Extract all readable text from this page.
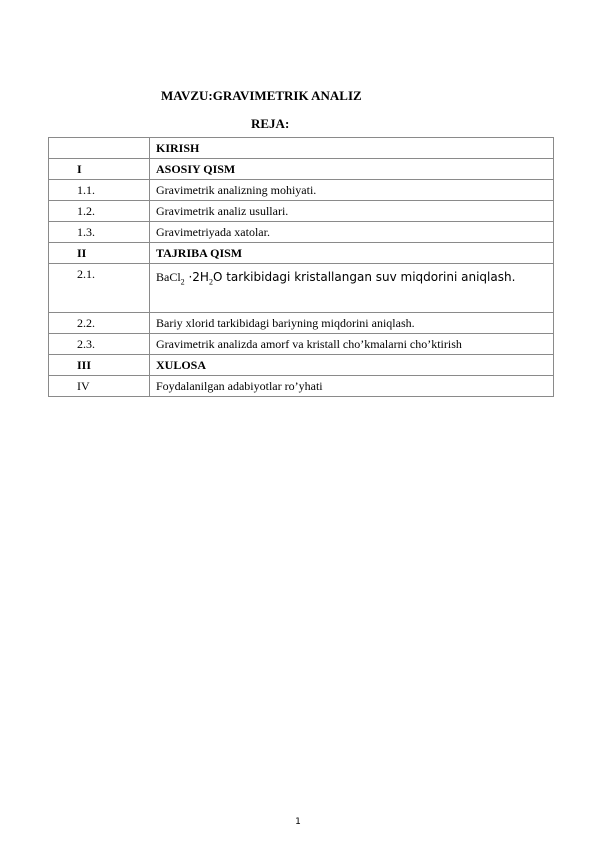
MAVZU:GRAVIMETRIK ANALIZ
REJA:
	KIRISH
I	ASOSIY QISM
1.1.	Gravimetrik analizning mohiyati.
1.2.	Gravimetrik analiz usullari.
1.3.	Gravimetriyada xatolar.
II	TAJRIBA QISM
2.1.	BaCl$_2$ $\cdot 2H_2O$ tarkibidagi kristallangan suv miqdorini aniqlash.
2.2.	Bariy xlorid tarkibidagi bariyning miqdorini aniqlash.
2.3.	Gravimetrik analizda amorf va kristall cho’kmalarni cho’ktirish
III	XULOSA
IV	Foydalanilgan adabiyotlar ro’yhati
1
